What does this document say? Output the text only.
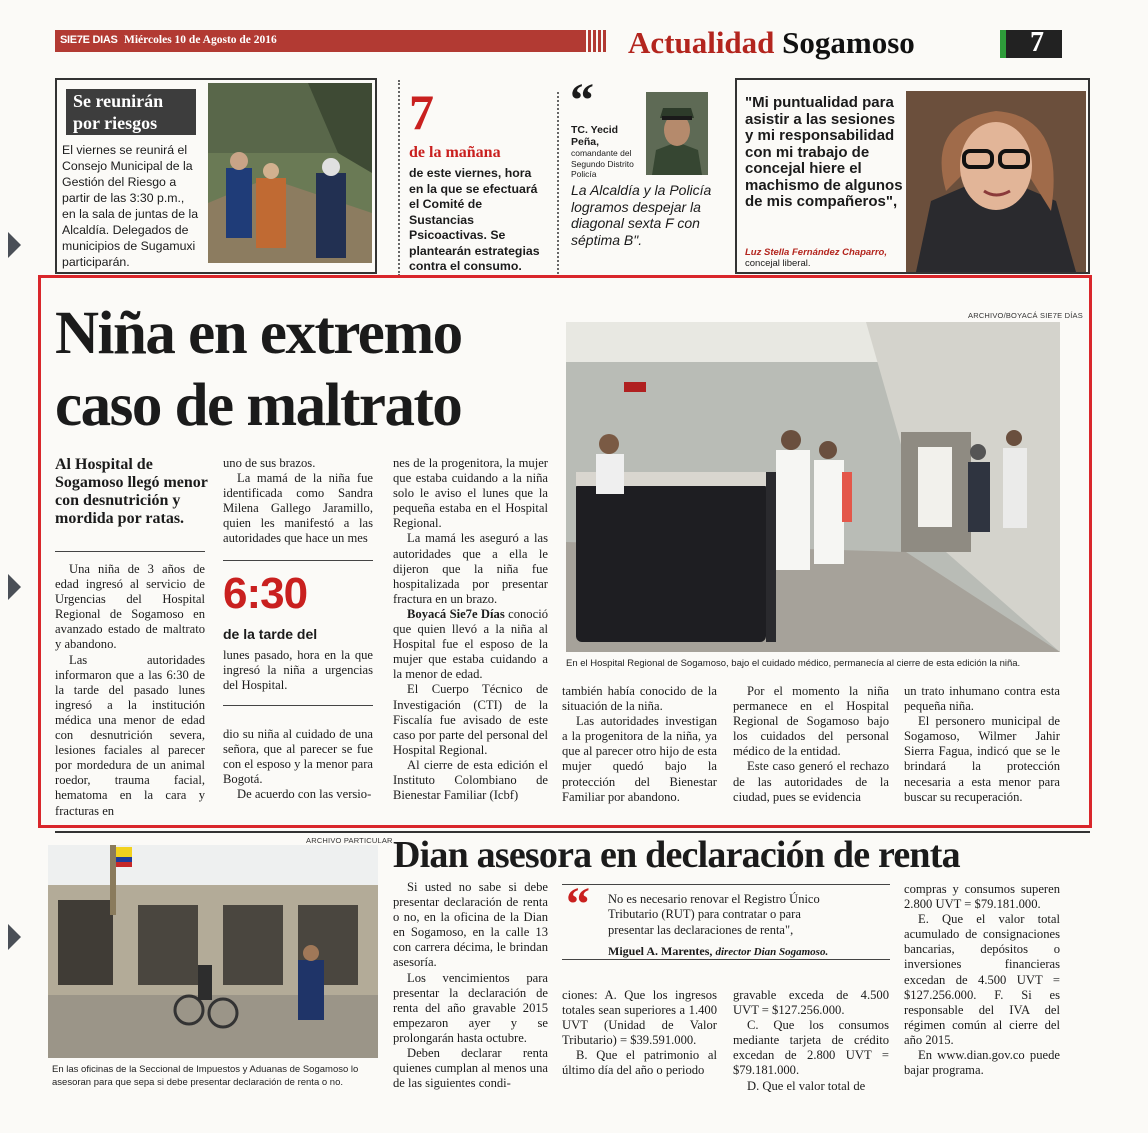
SIE7E DIAS Miércoles 10 de Agosto de 2016	Actualidad Sogamoso	7
Se reunirán
por riesgos
El viernes se reunirá el Consejo Municipal de la Gestión del Riesgo a partir de las 3:30 p.m., en la sala de juntas de la Alcaldía. Delegados de municipios de Sugamuxi participarán.
7
de la mañana
de este viernes, hora en la que se efectuará el Comité de Sustancias Psicoactivas. Se plantearán estrategias contra el consumo.
“
TC. Yecid Peña,
comandante del Segundo Distrito Policía
La Alcaldía y la Policía logramos despejar la diagonal sexta F con séptima B".
"Mi puntualidad para asistir a las sesiones y mi responsabilidad con mi trabajo de concejal hiere el machismo de algunos de mis compañeros",
Luz Stella Fernández Chaparro, concejal liberal.
Niña en extremo
caso de maltrato
Al Hospital de Sogamoso llegó menor con desnutrición y mordida por ratas.
ARCHIVO/BOYACÁ SIE7E DÍAS
En el Hospital Regional de Sogamoso, bajo el cuidado médico, permanecía al cierre de esta edición la niña.

Una niña de 3 años de edad ingresó al servicio de Urgencias del Hospital Regional de Sogamoso en avanzado estado de maltrato y abandono.

Las autoridades informaron que a las 6:30 de la tarde del pasado lunes ingresó a la institución médica una menor de edad con desnutrición severa, lesiones faciales al parecer por mordedura de un animal roedor, trauma facial, hematoma en la cara y fracturas en

uno de sus brazos.

La mamá de la niña fue identificada como Sandra Milena Gallego Jaramillo, quien les manifestó a las autoridades que hace un mes

6:30
de la tarde del
lunes pasado, hora en la que ingresó la niña a urgencias del Hospital.

dio su niña al cuidado de una señora, que al parecer se fue con el esposo y la menor para Bogotá.

De acuerdo con las versio-

nes de la progenitora, la mujer que estaba cuidando a la niña solo le aviso el lunes que la pequeña estaba en el Hospital Regional.

La mamá les aseguró a las autoridades que a ella le dijeron que la niña fue hospitalizada por presentar fractura en un brazo.

Boyacá Sie7e Días conoció que quien llevó a la niña al Hospital fue el esposo de la mujer que estaba cuidando a la menor de edad.

El Cuerpo Técnico de Investigación (CTI) de la Fiscalía fue avisado de este caso por parte del personal del Hospital Regional.

Al cierre de esta edición el Instituto Colombiano de Bienestar Familiar (Icbf)

también había conocido de la situación de la niña.

Las autoridades investigan a la progenitora de la niña, ya que al parecer otro hijo de esta mujer quedó bajo la protección del Bienestar Familiar por abandono.

Por el momento la niña permanece en el Hospital Regional de Sogamoso bajo los cuidados del personal médico de la entidad.

Este caso generó el rechazo de las autoridades de la ciudad, pues se evidencia

un trato inhumano contra esta pequeña niña.

El personero municipal de Sogamoso, Wilmer Jahir Sierra Fagua, indicó que se le brindará la protección necesaria a esta menor para buscar su recuperación.

ARCHIVO PARTICULAR
En las oficinas de la Seccional de Impuestos y Aduanas de Sogamoso lo asesoran para que sepa si debe presentar declaración de renta o no.
Dian asesora en declaración de renta

Si usted no sabe si debe presentar declaración de renta o no, en la oficina de la Dian en Sogamoso, en la calle 13 con carrera décima, le brindan asesoría.

Los vencimientos para presentar la declaración de renta del año gravable 2015 empezaron ayer y se prolongarán hasta octubre.

Deben declarar renta quienes cumplan al menos una de las siguientes condi-

“ No es necesario renovar el Registro Único Tributario (RUT) para contratar o para presentar las declaraciones de renta",
Miguel A. Marentes, director Dian Sogamoso.

ciones: A. Que los ingresos totales sean superiores a 1.400 UVT (Unidad de Valor Tributario) = $39.591.000.

B. Que el patrimonio al último día del año o periodo

gravable exceda de 4.500 UVT = $127.256.000.

C. Que los consumos mediante tarjeta de crédito excedan de 2.800 UVT = $79.181.000.

D. Que el valor total de

compras y consumos superen 2.800 UVT = $79.181.000.

E. Que el valor total acumulado de consignaciones bancarias, depósitos o inversiones financieras excedan de 4.500 UVT = $127.256.000. F. Si es responsable del IVA del régimen común al cierre del año 2015.

En www.dian.gov.co puede bajar programa.
